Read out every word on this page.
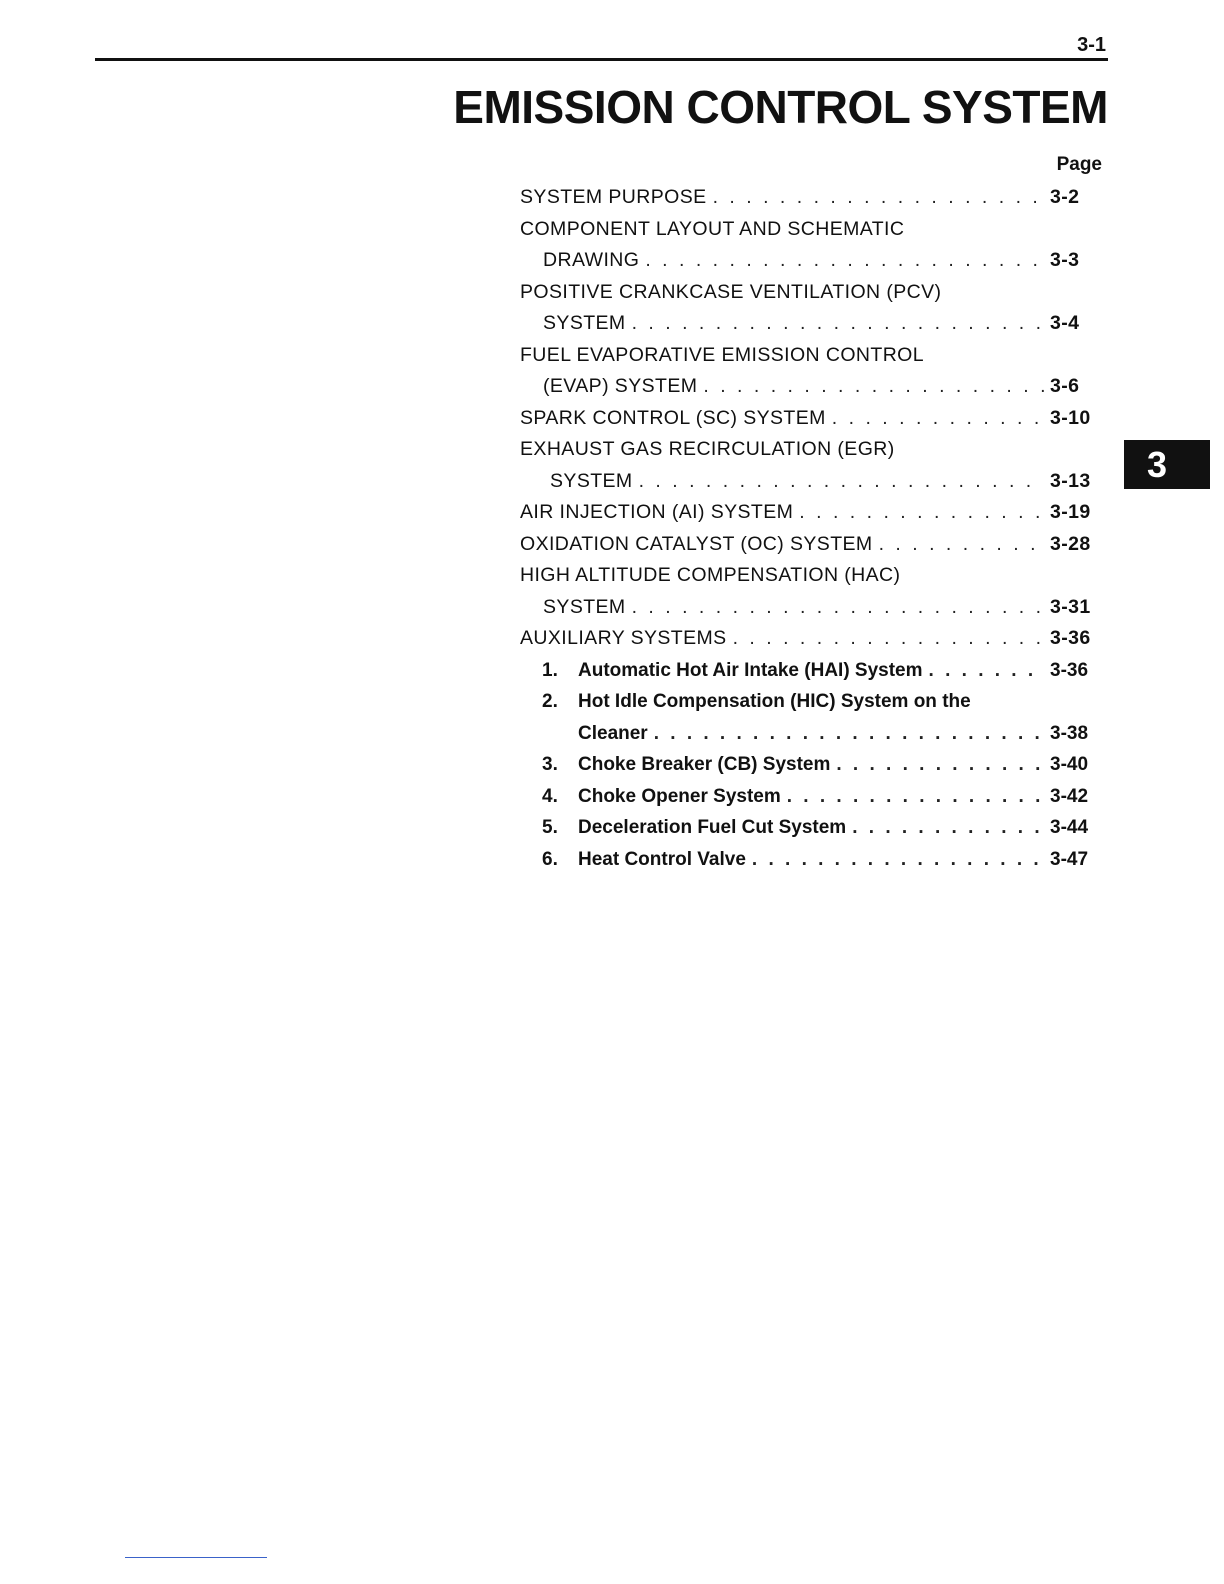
3-1
EMISSION CONTROL SYSTEM
Page
SYSTEM PURPOSE . . .	3-2
COMPONENT LAYOUT AND SCHEMATIC
DRAWING . . .	3-3
POSITIVE CRANKCASE VENTILATION (PCV)
SYSTEM . . .	3-4
FUEL EVAPORATIVE EMISSION CONTROL
(EVAP) SYSTEM . . .	3-6
SPARK CONTROL (SC) SYSTEM . . .	3-10
EXHAUST GAS RECIRCULATION (EGR)
SYSTEM . . .	3-13
AIR INJECTION (AI) SYSTEM . . .	3-19
OXIDATION CATALYST (OC) SYSTEM . . .	3-28
HIGH ALTITUDE COMPENSATION (HAC)
SYSTEM . . .	3-31
AUXILIARY SYSTEMS . . .	3-36
1.	Automatic Hot Air Intake (HAI) System . . .	3-36
2.	Hot Idle Compensation (HIC) System on the
Cleaner . . .	3-38
3.	Choke Breaker (CB) System . . .	3-40
4.	Choke Opener System . . .	3-42
5.	Deceleration Fuel Cut System . . .	3-44
6.	Heat Control Valve . . .	3-47
3
